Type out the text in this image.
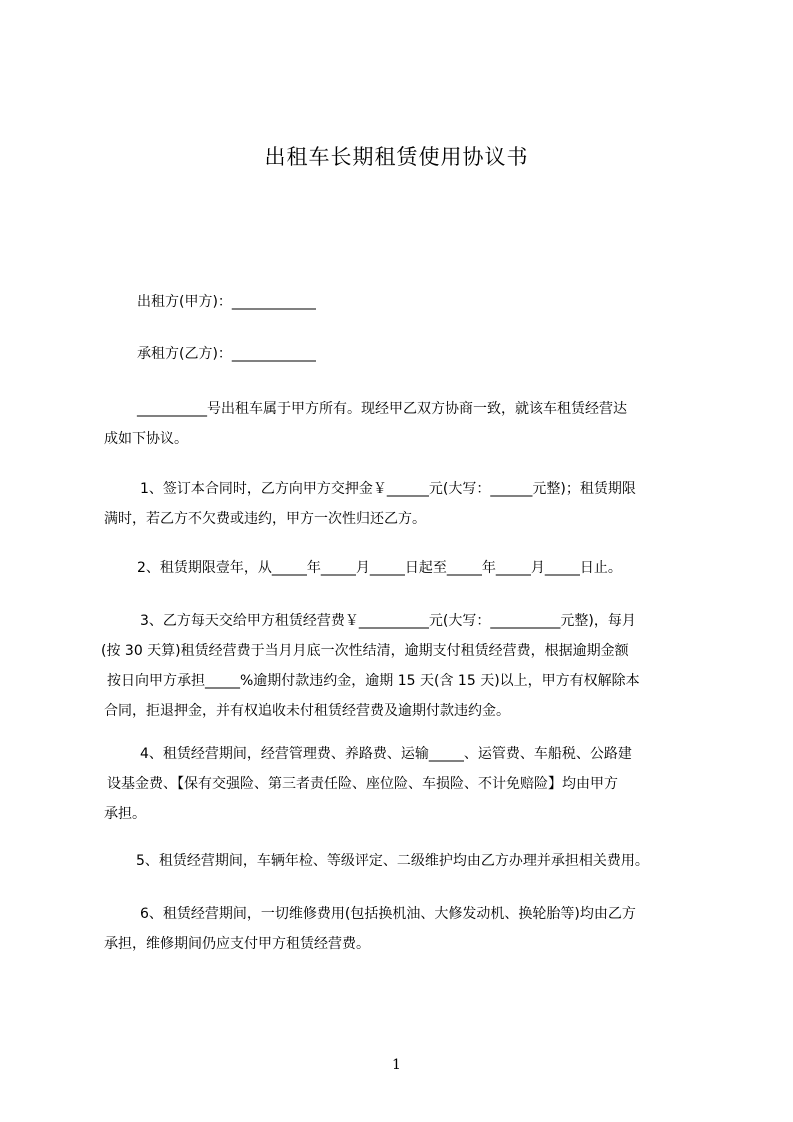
出租车长期租赁使用协议书
出租方(甲方)：____________
承租方(乙方)：____________
__________号出租车属于甲方所有。现经甲乙双方协商一致，就该车租赁经营达
成如下协议。
1、签订本合同时，乙方向甲方交押金￥______元(大写：______元整)；租赁期限
满时，若乙方不欠费或违约，甲方一次性归还乙方。
2、租赁期限壹年，从_____年_____月_____日起至_____年_____月_____日止。
3、乙方每天交给甲方租赁经营费￥__________元(大写：__________元整)，每月
(按 30 天算)租赁经营费于当月月底一次性结清，逾期支付租赁经营费，根据逾期金额
按日向甲方承担_____%逾期付款违约金，逾期 15 天(含 15 天)以上，甲方有权解除本
合同，拒退押金，并有权追收未付租赁经营费及逾期付款违约金。
4、租赁经营期间，经营管理费、养路费、运输_____、运管费、车船税、公路建
设基金费、【保有交强险、第三者责任险、座位险、车损险、不计免赔险】均由甲方
承担。
5、租赁经营期间，车辆年检、等级评定、二级维护均由乙方办理并承担相关费用。
6、租赁经营期间，一切维修费用(包括换机油、大修发动机、换轮胎等)均由乙方
承担，维修期间仍应支付甲方租赁经营费。
1
